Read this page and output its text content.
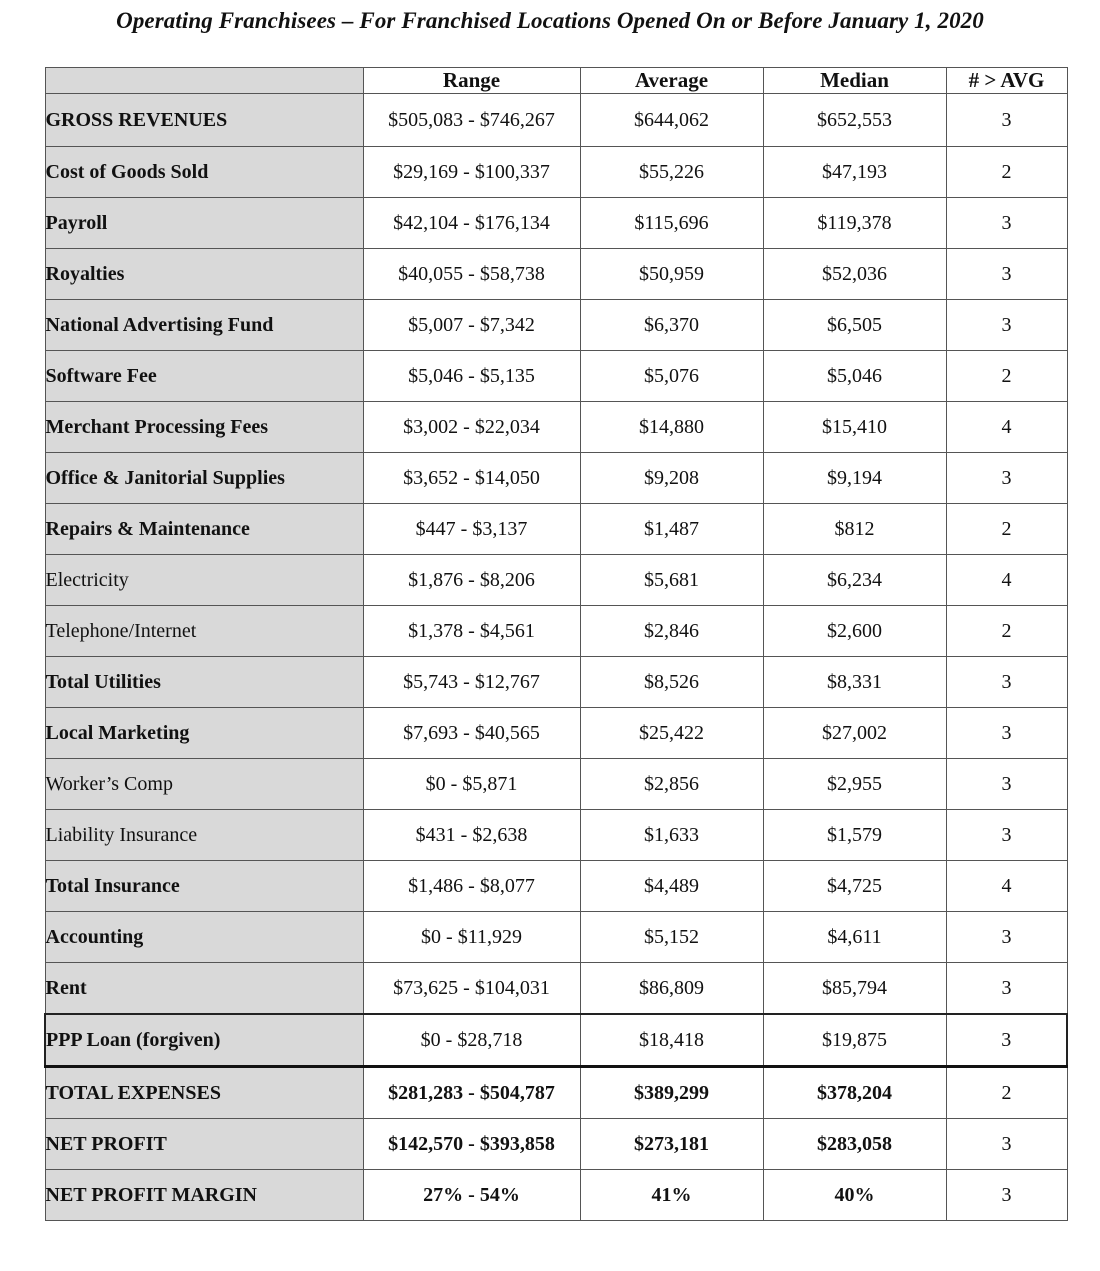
Operating Franchisees – For Franchised Locations Opened On or Before January 1, 2020
	Range	Average	Median	# > AVG
GROSS REVENUES	$505,083 - $746,267	$644,062	$652,553	3
Cost of Goods Sold	$29,169 - $100,337	$55,226	$47,193	2
Payroll	$42,104 - $176,134	$115,696	$119,378	3
Royalties	$40,055 - $58,738	$50,959	$52,036	3
National Advertising Fund	$5,007 - $7,342	$6,370	$6,505	3
Software Fee	$5,046 - $5,135	$5,076	$5,046	2
Merchant Processing Fees	$3,002 - $22,034	$14,880	$15,410	4
Office & Janitorial Supplies	$3,652 - $14,050	$9,208	$9,194	3
Repairs & Maintenance	$447 - $3,137	$1,487	$812	2
Electricity	$1,876 - $8,206	$5,681	$6,234	4
Telephone/Internet	$1,378 - $4,561	$2,846	$2,600	2
Total Utilities	$5,743 - $12,767	$8,526	$8,331	3
Local Marketing	$7,693 - $40,565	$25,422	$27,002	3
Worker’s Comp	$0 - $5,871	$2,856	$2,955	3
Liability Insurance	$431 - $2,638	$1,633	$1,579	3
Total Insurance	$1,486 - $8,077	$4,489	$4,725	4
Accounting	$0 - $11,929	$5,152	$4,611	3
Rent	$73,625 - $104,031	$86,809	$85,794	3
PPP Loan (forgiven)	$0 - $28,718	$18,418	$19,875	3
TOTAL EXPENSES	$281,283 - $504,787	$389,299	$378,204	2
NET PROFIT	$142,570 - $393,858	$273,181	$283,058	3
NET PROFIT MARGIN	27% - 54%	41%	40%	3
